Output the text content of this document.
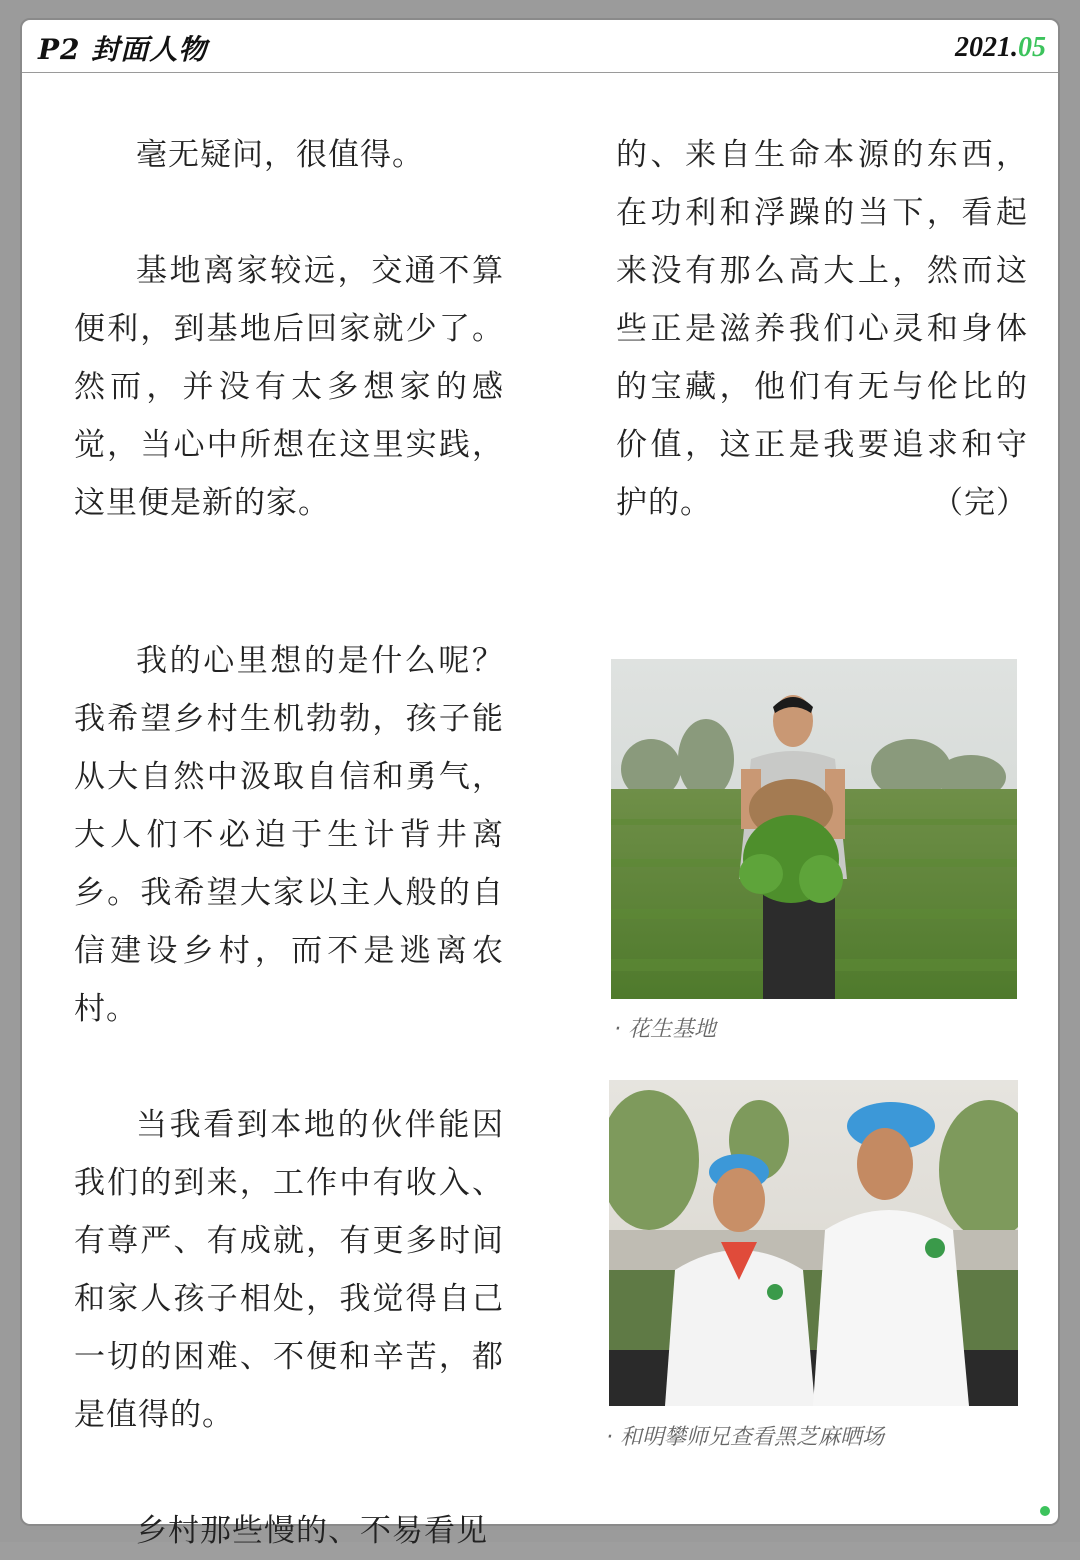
P2 封面人物	2021.05

毫无疑问，很值得。

基地离家较远，交通不算便利，到基地后回家就少了。然而，并没有太多想家的感觉，当心中所想在这里实践，这里便是新的家。

我的心里想的是什么呢？我希望乡村生机勃勃，孩子能从大自然中汲取自信和勇气，大人们不必迫于生计背井离乡。我希望大家以主人般的自信建设乡村，而不是逃离农村。

当我看到本地的伙伴能因我们的到来，工作中有收入、有尊严、有成就，有更多时间和家人孩子相处，我觉得自己一切的困难、不便和辛苦，都是值得的。

乡村那些慢的、不易看见

的、来自生命本源的东西，在功利和浮躁的当下，看起来没有那么高大上，然而这些正是滋养我们心灵和身体的宝藏，他们有无与伦比的价值，这正是我要追求和守护的。	（完）

· 花生基地
· 和明攀师兄查看黑芝麻晒场
